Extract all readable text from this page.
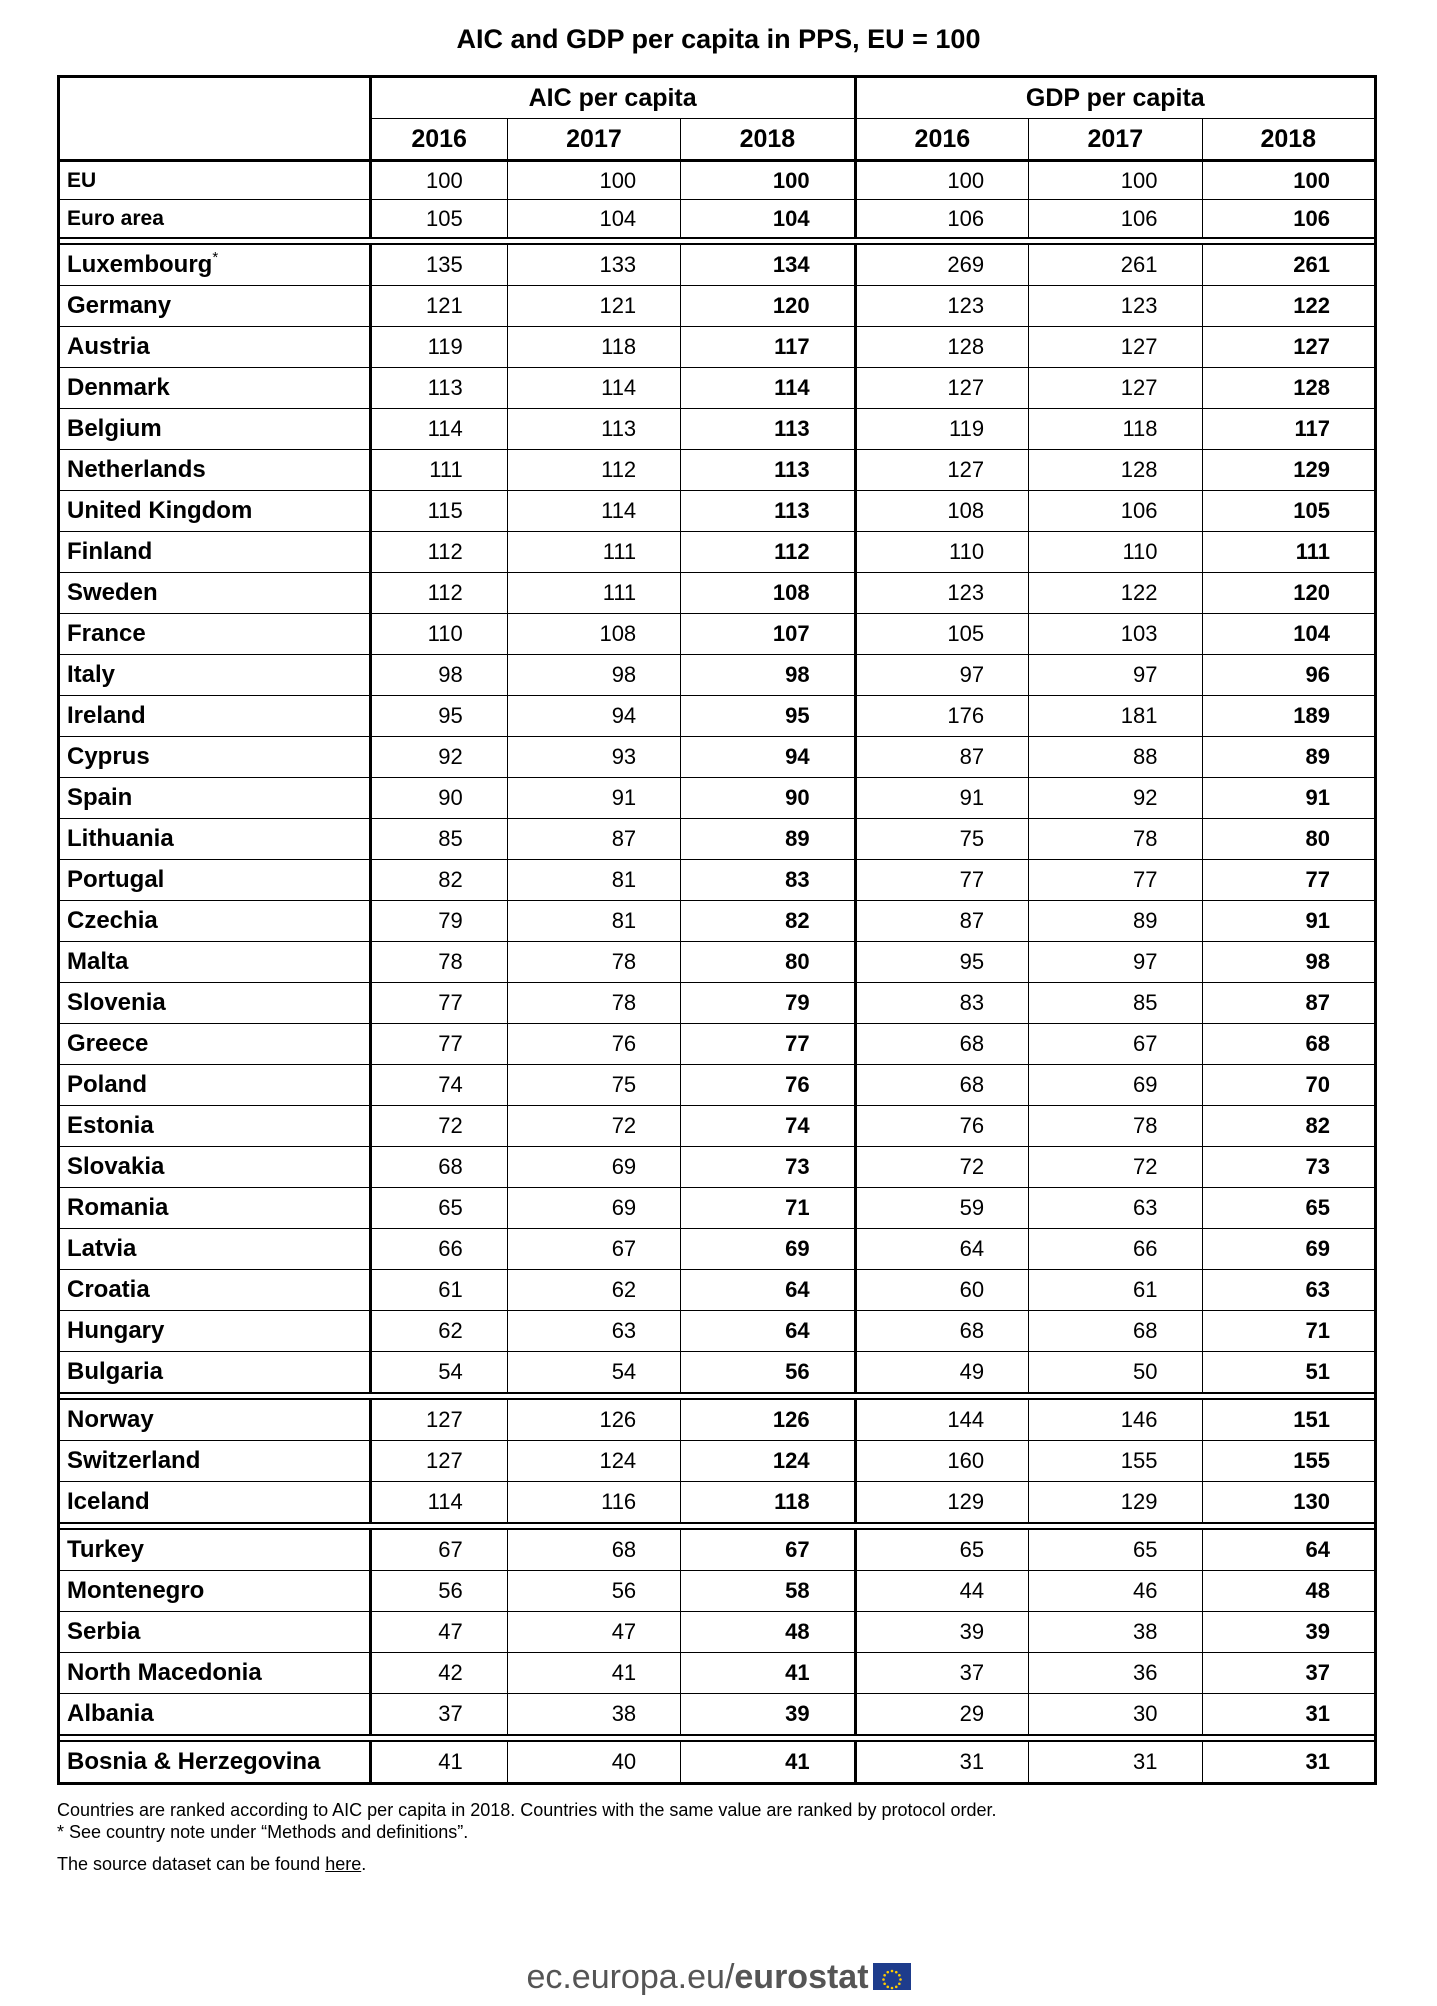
AIC and GDP per capita in PPS, EU = 100
	AIC per capita			GDP per capita		
	2016	2017	2018	2016	2017	2018
EU	100	100	100	100	100	100
Euro area	105	104	104	106	106	106

Luxembourg*	135	133	134	269	261	261
Germany	121	121	120	123	123	122
Austria	119	118	117	128	127	127
Denmark	113	114	114	127	127	128
Belgium	114	113	113	119	118	117
Netherlands	111	112	113	127	128	129
United Kingdom	115	114	113	108	106	105
Finland	112	111	112	110	110	111
Sweden	112	111	108	123	122	120
France	110	108	107	105	103	104
Italy	98	98	98	97	97	96
Ireland	95	94	95	176	181	189
Cyprus	92	93	94	87	88	89
Spain	90	91	90	91	92	91
Lithuania	85	87	89	75	78	80
Portugal	82	81	83	77	77	77
Czechia	79	81	82	87	89	91
Malta	78	78	80	95	97	98
Slovenia	77	78	79	83	85	87
Greece	77	76	77	68	67	68
Poland	74	75	76	68	69	70
Estonia	72	72	74	76	78	82
Slovakia	68	69	73	72	72	73
Romania	65	69	71	59	63	65
Latvia	66	67	69	64	66	69
Croatia	61	62	64	60	61	63
Hungary	62	63	64	68	68	71
Bulgaria	54	54	56	49	50	51

Norway	127	126	126	144	146	151
Switzerland	127	124	124	160	155	155
Iceland	114	116	118	129	129	130

Turkey	67	68	67	65	65	64
Montenegro	56	56	58	44	46	48
Serbia	47	47	48	39	38	39
North Macedonia	42	41	41	37	36	37
Albania	37	38	39	29	30	31

Bosnia & Herzegovina	41	40	41	31	31	31
Countries are ranked according to AIC per capita in 2018. Countries with the same value are ranked by protocol order.
* See country note under “Methods and definitions”.
The source dataset can be found here.
ec.europa.eu/eurostat
